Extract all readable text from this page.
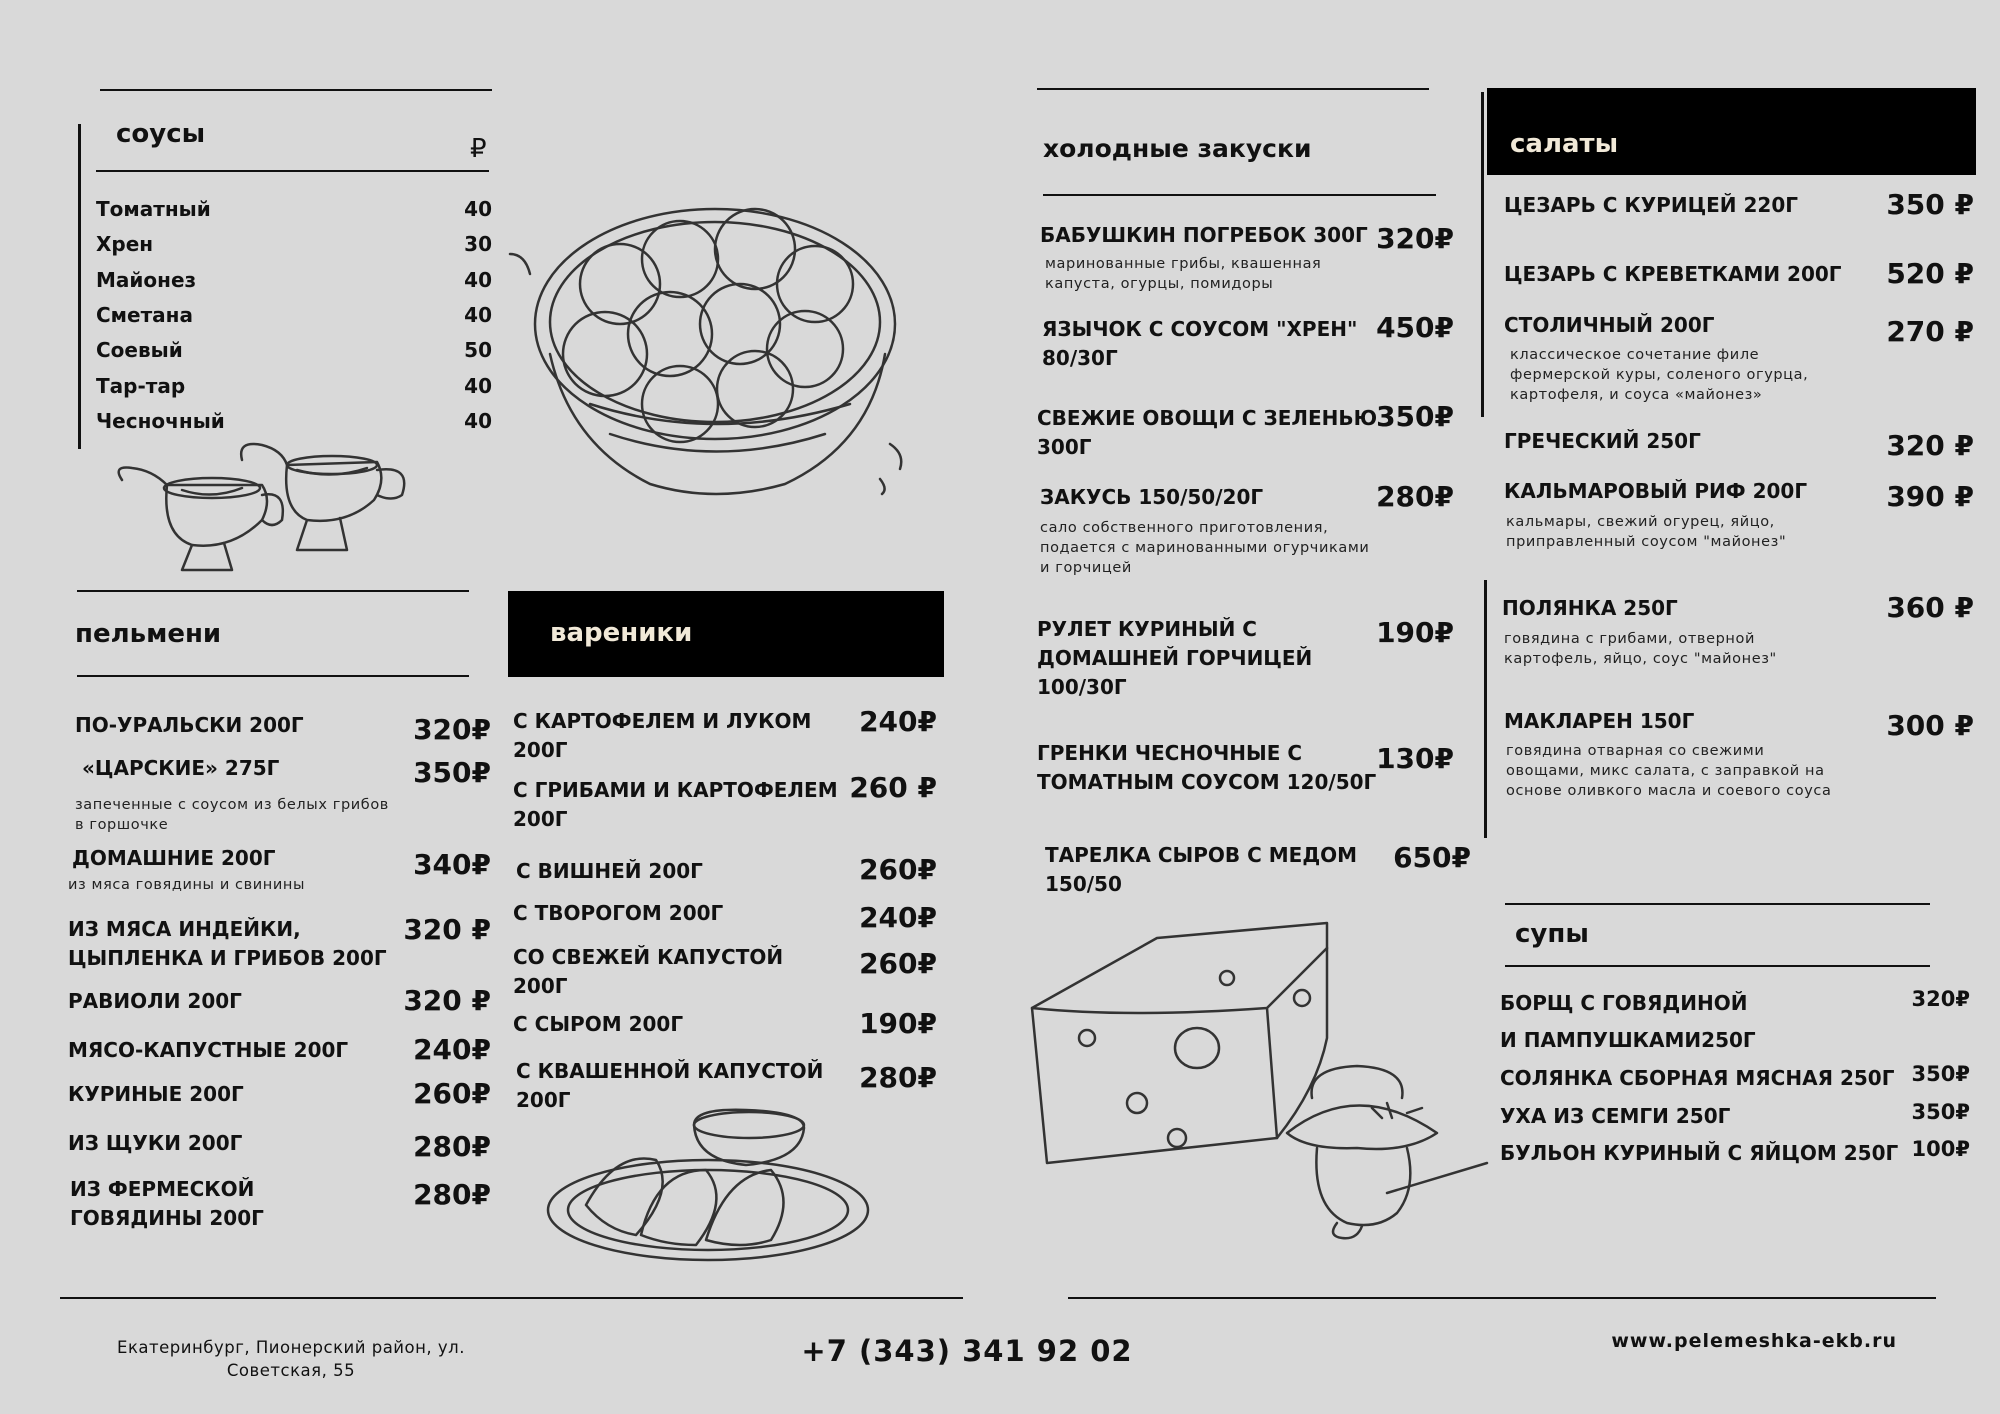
соусы	₽
Томатный	40
Хрен	30
Майонез	40
Сметана	40
Соевый	50
Тар-тар	40
Чесночный	40
пельмени
ПО-УРАЛЬСКИ 200Г	320₽
«ЦАРСКИЕ» 275Г	350₽
запеченные с соусом из белых грибов
в горшочке
ДОМАШНИЕ 200Г	340₽
из мяса говядины и свинины
ИЗ МЯСА ИНДЕЙКИ,
ЦЫПЛЕНКА И ГРИБОВ 200Г
320 ₽
РАВИОЛИ 200Г	320 ₽
МЯСО-КАПУСТНЫЕ 200Г 240₽
КУРИНЫЕ 200Г	260₽
ИЗ ЩУКИ 200Г	280₽
ИЗ ФЕРМЕСКОЙ
ГОВЯДИНЫ 200Г
280₽
вареники
С КАРТОФЕЛЕМ И ЛУКОМ
200Г
240₽
С ГРИБАМИ И КАРТОФЕЛЕМ
200Г
260 ₽
С ВИШНЕЙ 200Г	260₽
С ТВОРОГОМ 200Г	240₽
СО СВЕЖЕЙ КАПУСТОЙ
200Г
260₽
С СЫРОМ 200Г	190₽
С КВАШЕННОЙ КАПУСТОЙ
200Г
280₽
холодные закуски
БАБУШКИН ПОГРЕБОК 300Г 320₽
маринованные грибы, квашенная
капуста, огурцы, помидоры
ЯЗЫЧОК С СОУСОМ "ХРЕН"
80/30Г
450₽
СВЕЖИЕ ОВОЩИ С ЗЕЛЕНЬЮ
300Г
350₽
ЗАКУСЬ 150/50/20Г	280₽
сало собственного приготовления,
подается с маринованными огурчиками
и горчицей
РУЛЕТ КУРИНЫЙ С
ДОМАШНЕЙ ГОРЧИЦЕЙ
100/30Г
190₽
ГРЕНКИ ЧЕСНОЧНЫЕ С
ТОМАТНЫМ СОУСОМ 120/50Г
130₽
ТАРЕЛКА СЫРОВ С МЕДОМ
150/50
650₽
салаты
ЦЕЗАРЬ С КУРИЦЕЙ 220Г	350 ₽
ЦЕЗАРЬ С КРЕВЕТКАМИ 200Г 520 ₽
СТОЛИЧНЫЙ 200Г	270 ₽
классическое сочетание филе
фермерской куры, соленого огурца,
картофеля, и соуса «майонез»
ГРЕЧЕСКИЙ 250Г	320 ₽
КАЛЬМАРОВЫЙ РИФ 200Г	390 ₽
кальмары, свежий огурец, яйцо,
приправленный соусом "майонез"
ПОЛЯНКА 250Г	360 ₽
говядина с грибами, отверной
картофель, яйцо, соус "майонез"
МАКЛАРЕН 150Г	300 ₽
говядина отварная со свежими
овощами, микс салата, с заправкой на
основе оливкого масла и соевого соуса
супы
БОРЩ С ГОВЯДИНОЙ
И ПАМПУШКАМИ250Г
320₽
СОЛЯНКА СБОРНАЯ МЯСНАЯ 250Г 350₽
УХА ИЗ СЕМГИ 250Г	350₽
БУЛЬОН КУРИНЫЙ С ЯЙЦОМ 250Г 100₽
Екатеринбург, Пионерский район, ул.
Советская, 55
+7 (343) 341 92 02	www.pelemeshka-ekb.ru
